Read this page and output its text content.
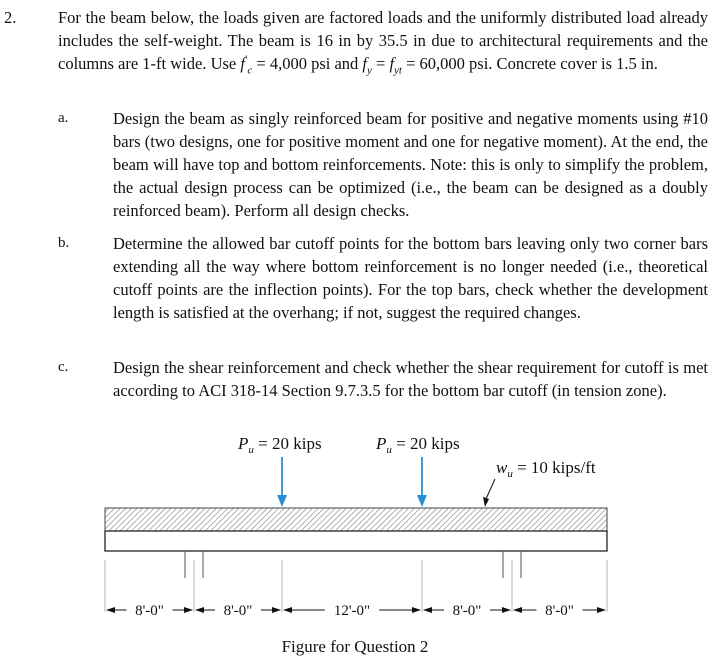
2.	For the beam below, the loads given are factored loads and the uniformly distributed load already includes the self-weight. The beam is 16 in by 35.5 in due to architectural requirements and the columns are 1-ft wide. Use $f'_c = 4,000$ psi and $f_y = f_{yt} = 60,000$ psi. Concrete cover is 1.5 in.
a.	Design the beam as singly reinforced beam for positive and negative moments using #10 bars (two designs, one for positive moment and one for negative moment). At the end, the beam will have top and bottom reinforcements. Note: this is only to simplify the problem, the actual design process can be optimized (i.e., the beam can be designed as a doubly reinforced beam). Perform all design checks.
b.	Determine the allowed bar cutoff points for the bottom bars leaving only two corner bars extending all the way where bottom reinforcement is no longer needed (i.e., theoretical cutoff points are the inflection points). For the top bars, check whether the development length is satisfied at the overhang; if not, suggest the required changes.
c.	Design the shear reinforcement and check whether the shear requirement for cutoff is met according to ACI 318-14 Section 9.7.3.5 for the bottom bar cutoff (in tension zone).
$P_u = 20$ kips	$P_u = 20$ kips
$w_u = 10$ kips/ft
8'-0"	8'-0"	12'-0"	8'-0"	8'-0"
Figure for Question 2
